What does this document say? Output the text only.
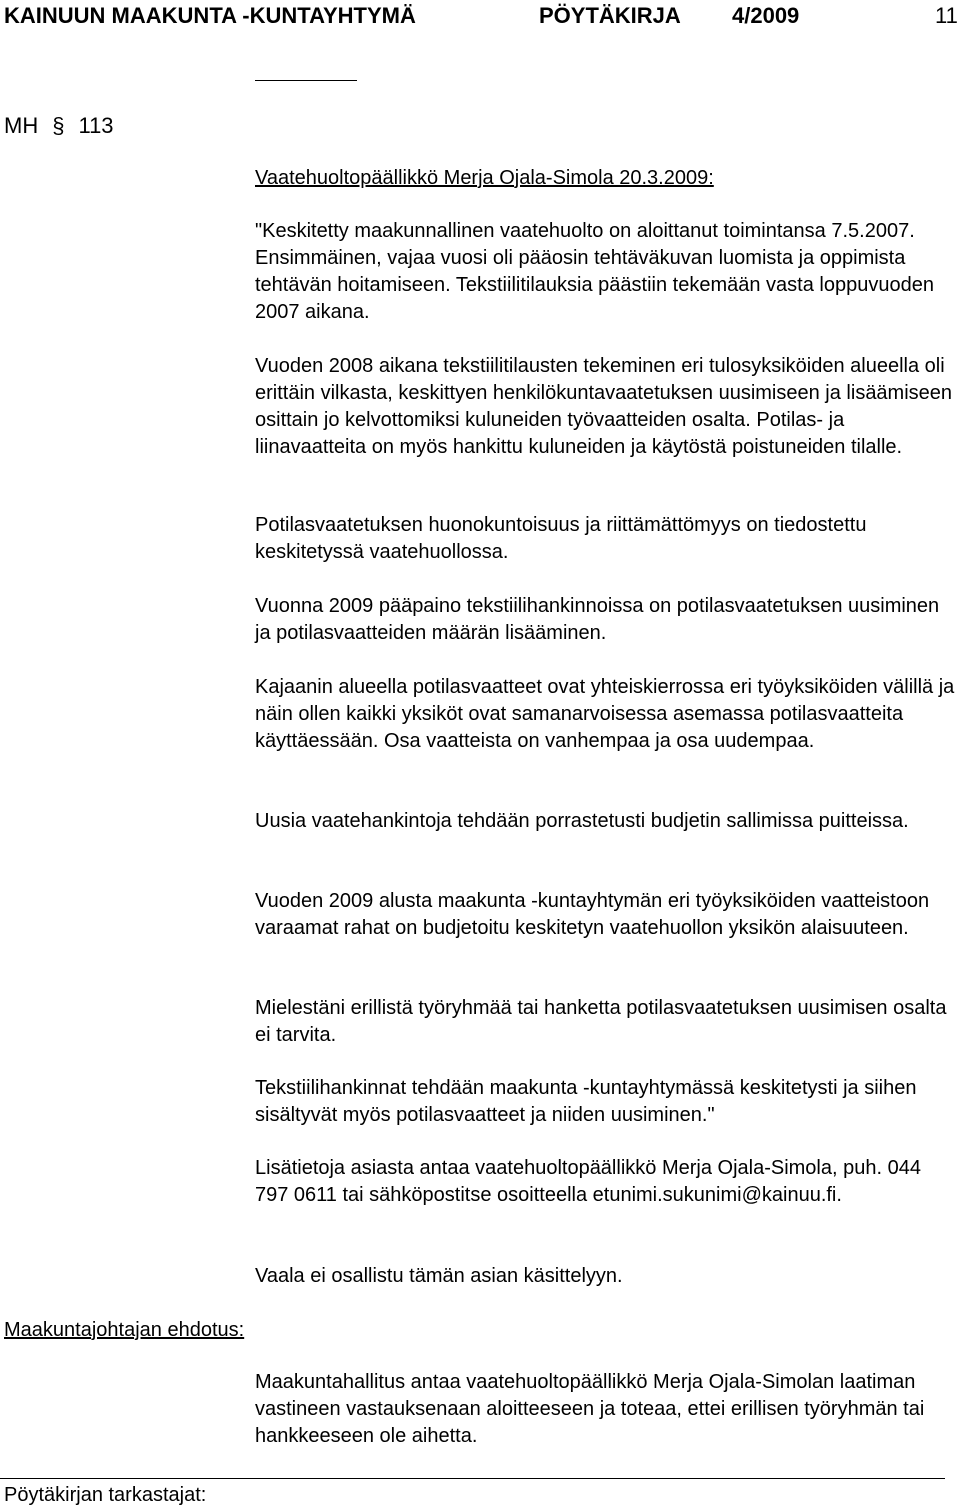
KAINUUN MAAKUNTA -KUNTAYHTYMÄ	PÖYTÄKIRJA 4/2009	11
MH § 113

Vaatehuoltopäällikkö Merja Ojala-Simola 20.3.2009:

"Keskitetty maakunnallinen vaatehuolto on aloittanut toimintansa 7.5.2007. Ensimmäinen, vajaa vuosi oli pääosin tehtäväkuvan luomista ja oppimista tehtävän hoitamiseen. Tekstiilitilauksia päästiin tekemään vasta loppuvuoden 2007 aikana.

Vuoden 2008 aikana tekstiilitilausten tekeminen eri tulosyksiköiden alueella oli erittäin vilkasta, keskittyen henkilökuntavaatetuksen uusimiseen ja lisäämiseen osittain jo kelvottomiksi kuluneiden työvaatteiden osalta. Potilas- ja liinavaatteita on myös hankittu kuluneiden ja käytöstä poistuneiden tilalle.

Potilasvaatetuksen huonokuntoisuus ja riittämättömyys on tiedostettu keskitetyssä vaatehuollossa.

Vuonna 2009 pääpaino tekstiilihankinnoissa on potilasvaatetuksen uusiminen ja potilasvaatteiden määrän lisääminen.

Kajaanin alueella potilasvaatteet ovat yhteiskierrossa eri työyksiköiden välillä ja näin ollen kaikki yksiköt ovat samanarvoisessa asemassa potilasvaatteita käyttäessään. Osa vaatteista on vanhempaa ja osa uudempaa.

Uusia vaatehankintoja tehdään porrastetusti budjetin sallimissa puitteissa.

Vuoden 2009 alusta maakunta -kuntayhtymän eri työyksiköiden vaatteistoon varaamat rahat on budjetoitu keskitetyn vaatehuollon yksikön alaisuuteen.

Mielestäni erillistä työryhmää tai hanketta potilasvaatetuksen uusimisen osalta ei tarvita.

Tekstiilihankinnat tehdään maakunta -kuntayhtymässä keskitetysti ja siihen sisältyvät myös potilasvaatteet ja niiden uusiminen."

Lisätietoja asiasta antaa vaatehuoltopäällikkö Merja Ojala-Simola, puh. 044 797 0611 tai sähköpostitse osoitteella etunimi.sukunimi@kainuu.fi.

Vaala ei osallistu tämän asian käsittelyyn.

Maakuntajohtajan ehdotus:

Maakuntahallitus antaa vaatehuoltopäällikkö Merja Ojala-Simolan laatiman vastineen vastauksenaan aloitteeseen ja toteaa, ettei erillisen työryhmän tai hankkeeseen ole aihetta.

Pöytäkirjan tarkastajat:
